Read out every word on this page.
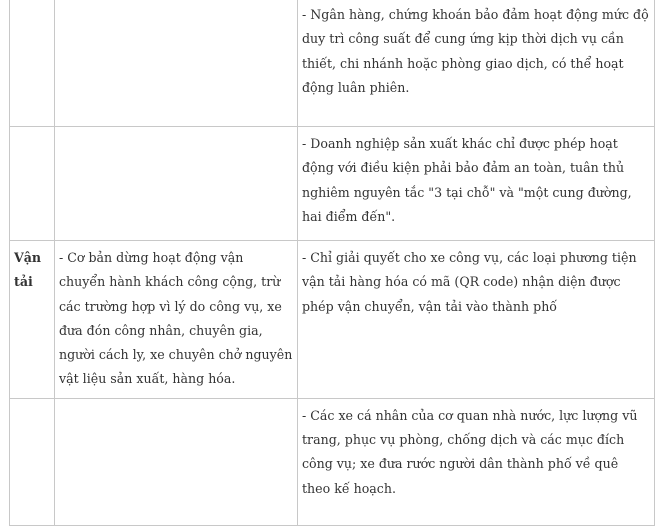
		- Ngân hàng, chứng khoán bảo đảm hoạt động mức độ duy trì công suất để cung ứng kịp thời dịch vụ cần thiết, chi nhánh hoặc phòng giao dịch, có thể hoạt động luân phiên.

		- Doanh nghiệp sản xuất khác chỉ được phép hoạt động với điều kiện phải bảo đảm an toàn, tuân thủ nghiêm nguyên tắc "3 tại chỗ" và "một cung đường, hai điểm đến".

Vận tải	- Cơ bản dừng hoạt động vận chuyển hành khách công cộng, trừ các trường hợp vì lý do công vụ, xe đưa đón công nhân, chuyên gia, người cách ly, xe chuyên chở nguyên vật liệu sản xuất, hàng hóa.	- Chỉ giải quyết cho xe công vụ, các loại phương tiện vận tải hàng hóa có mã (QR code) nhận diện được phép vận chuyển, vận tải vào thành phố

		- Các xe cá nhân của cơ quan nhà nước, lực lượng vũ trang, phục vụ phòng, chống dịch và các mục đích công vụ; xe đưa rước người dân thành phố về quê theo kế hoạch.
